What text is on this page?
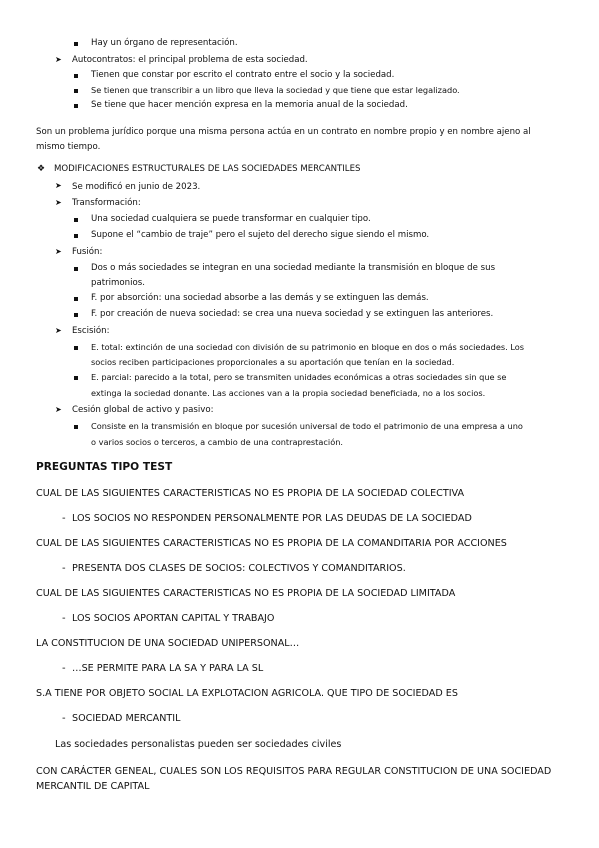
Hay un órgano de representación.
➤ Autocontratos: el principal problema de esta sociedad.
Tienen que constar por escrito el contrato entre el socio y la sociedad.
Se tienen que transcribir a un libro que lleva la sociedad y que tiene que estar legalizado.
Se tiene que hacer mención expresa en la memoria anual de la sociedad.
Son un problema jurídico porque una misma persona actúa en un contrato en nombre propio y en nombre ajeno al
mismo tiempo.
❖ MODIFICACIONES ESTRUCTURALES DE LAS SOCIEDADES MERCANTILES
➤ Se modificó en junio de 2023.
➤ Transformación:
Una sociedad cualquiera se puede transformar en cualquier tipo.
Supone el “cambio de traje” pero el sujeto del derecho sigue siendo el mismo.
➤ Fusión:
Dos o más sociedades se integran en una sociedad mediante la transmisión en bloque de sus
patrimonios.
F. por absorción: una sociedad absorbe a las demás y se extinguen las demás.
F. por creación de nueva sociedad: se crea una nueva sociedad y se extinguen las anteriores.
➤ Escisión:
E. total: extinción de una sociedad con división de su patrimonio en bloque en dos o más sociedades. Los
socios reciben participaciones proporcionales a su aportación que tenían en la sociedad.
E. parcial: parecido a la total, pero se transmiten unidades económicas a otras sociedades sin que se
extinga la sociedad donante. Las acciones van a la propia sociedad beneficiada, no a los socios.
➤ Cesión global de activo y pasivo:
Consiste en la transmisión en bloque por sucesión universal de todo el patrimonio de una empresa a uno
o varios socios o terceros, a cambio de una contraprestación.
PREGUNTAS TIPO TEST
CUAL DE LAS SIGUIENTES CARACTERISTICAS NO ES PROPIA DE LA SOCIEDAD COLECTIVA
- LOS SOCIOS NO RESPONDEN PERSONALMENTE POR LAS DEUDAS DE LA SOCIEDAD
CUAL DE LAS SIGUIENTES CARACTERISTICAS NO ES PROPIA DE LA COMANDITARIA POR ACCIONES
- PRESENTA DOS CLASES DE SOCIOS: COLECTIVOS Y COMANDITARIOS.
CUAL DE LAS SIGUIENTES CARACTERISTICAS NO ES PROPIA DE LA SOCIEDAD LIMITADA
- LOS SOCIOS APORTAN CAPITAL Y TRABAJO
LA CONSTITUCION DE UNA SOCIEDAD UNIPERSONAL…
- …SE PERMITE PARA LA SA Y PARA LA SL
S.A TIENE POR OBJETO SOCIAL LA EXPLOTACION AGRICOLA. QUE TIPO DE SOCIEDAD ES
- SOCIEDAD MERCANTIL
Las sociedades personalistas pueden ser sociedades civiles
CON CARÁCTER GENEAL, CUALES SON LOS REQUISITOS PARA REGULAR CONSTITUCION DE UNA SOCIEDAD
MERCANTIL DE CAPITAL
